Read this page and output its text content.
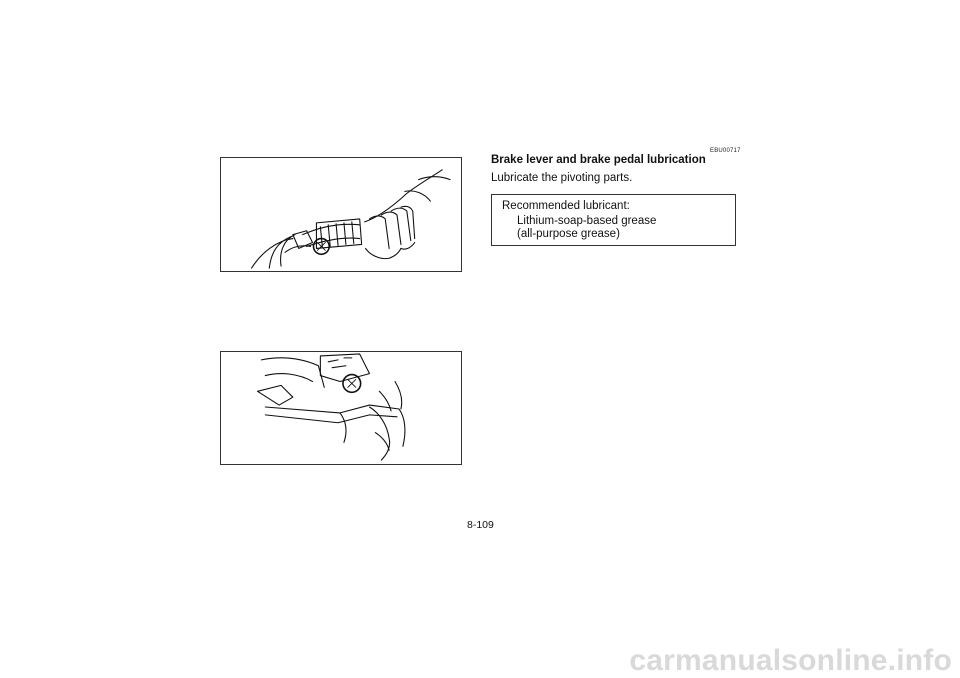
EBU00717
Brake lever and brake pedal lubrication
Lubricate the pivoting parts.
Recommended lubricant:
Lithium-soap-based grease
(all-purpose grease)
8-109
carmanualsonline.info
